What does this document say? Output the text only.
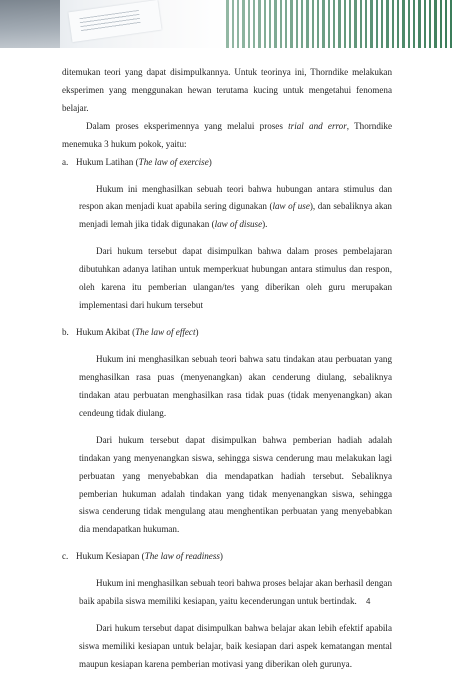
ditemukan teori yang dapat disimpulkannya. Untuk teorinya ini, Thorndike melakukan eksperimen yang menggunakan hewan terutama kucing untuk mengetahui fenomena belajar.

Dalam proses eksperimennya yang melalui proses trial and error, Thorndike menemuka 3 hukum pokok, yaitu:

a. Hukum Latihan (The law of exercise)

Hukum ini menghasilkan sebuah teori bahwa hubungan antara stimulus dan respon akan menjadi kuat apabila sering digunakan (law of use), dan sebaliknya akan menjadi lemah jika tidak digunakan (law of disuse).

Dari hukum tersebut dapat disimpulkan bahwa dalam proses pembelajaran dibutuhkan adanya latihan untuk memperkuat hubungan antara stimulus dan respon, oleh karena itu pemberian ulangan/tes yang diberikan oleh guru merupakan implementasi dari hukum tersebut

b. Hukum Akibat (The law of effect)

Hukum ini menghasilkan sebuah teori bahwa satu tindakan atau perbuatan yang menghasilkan rasa puas (menyenangkan) akan cenderung diulang, sebaliknya tindakan atau perbuatan menghasilkan rasa tidak puas (tidak menyenangkan) akan cendeung tidak diulang.

Dari hukum tersebut dapat disimpulkan bahwa pemberian hadiah adalah tindakan yang menyenangkan siswa, sehingga siswa cenderung mau melakukan lagi perbuatan yang menyebabkan dia mendapatkan hadiah tersebut. Sebaliknya pemberian hukuman adalah tindakan yang tidak menyenangkan siswa, sehingga siswa cenderung tidak mengulang atau menghentikan perbuatan yang menyebabkan dia mendapatkan hukuman.

c. Hukum Kesiapan (The law of readiness)

Hukum ini menghasilkan sebuah teori bahwa proses belajar akan berhasil dengan baik apabila siswa memiliki kesiapan, yaitu kecenderungan untuk bertindak.

Dari hukum tersebut dapat disimpulkan bahwa belajar akan lebih efektif apabila siswa memiliki kesiapan untuk belajar, baik kesiapan dari aspek kematangan mental maupun kesiapan karena pemberian motivasi yang diberikan oleh gurunya.

4
